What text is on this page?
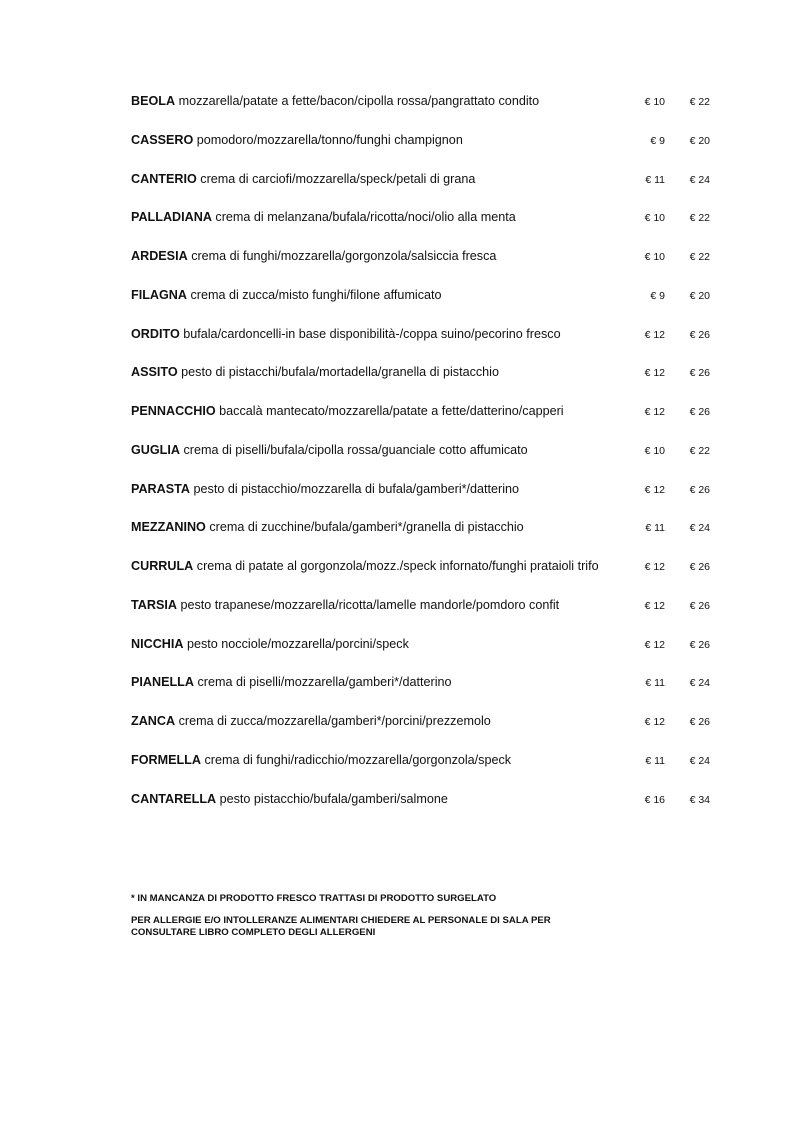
BEOLA mozzarella/patate a fette/bacon/cipolla rossa/pangrattato condito	€ 10	€ 22
CASSERO pomodoro/mozzarella/tonno/funghi champignon	€ 9	€ 20
CANTERIO crema di carciofi/mozzarella/speck/petali di grana	€ 11	€ 24
PALLADIANA crema di melanzana/bufala/ricotta/noci/olio alla menta	€ 10	€ 22
ARDESIA crema di funghi/mozzarella/gorgonzola/salsiccia fresca	€ 10	€ 22
FILAGNA crema di zucca/misto funghi/filone affumicato	€ 9	€ 20
ORDITO bufala/cardoncelli-in base disponibilità-/coppa suino/pecorino fresco	€ 12	€ 26
ASSITO pesto di pistacchi/bufala/mortadella/granella di pistacchio	€ 12	€ 26
PENNACCHIO baccalà mantecato/mozzarella/patate a fette/datterino/capperi	€ 12	€ 26
GUGLIA crema di piselli/bufala/cipolla rossa/guanciale cotto affumicato	€ 10	€ 22
PARASTA pesto di pistacchio/mozzarella di bufala/gamberi*/datterino	€ 12	€ 26
MEZZANINO crema di zucchine/bufala/gamberi*/granella di pistacchio	€ 11	€ 24
CURRULA crema di patate al gorgonzola/mozz./speck infornato/funghi prataioli trifo	€ 12	€ 26
TARSIA pesto trapanese/mozzarella/ricotta/lamelle mandorle/pomdoro confit	€ 12	€ 26
NICCHIA pesto nocciole/mozzarella/porcini/speck	€ 12	€ 26
PIANELLA crema di piselli/mozzarella/gamberi*/datterino	€ 11	€ 24
ZANCA crema di zucca/mozzarella/gamberi*/porcini/prezzemolo	€ 12	€ 26
FORMELLA crema di funghi/radicchio/mozzarella/gorgonzola/speck	€ 11	€ 24
CANTARELLA pesto pistacchio/bufala/gamberi/salmone	€ 16	€ 34

* IN MANCANZA DI PRODOTTO FRESCO TRATTASI DI PRODOTTO SURGELATO

PER ALLERGIE E/O INTOLLERANZE ALIMENTARI CHIEDERE AL PERSONALE DI SALA PER CONSULTARE LIBRO COMPLETO DEGLI ALLERGENI
